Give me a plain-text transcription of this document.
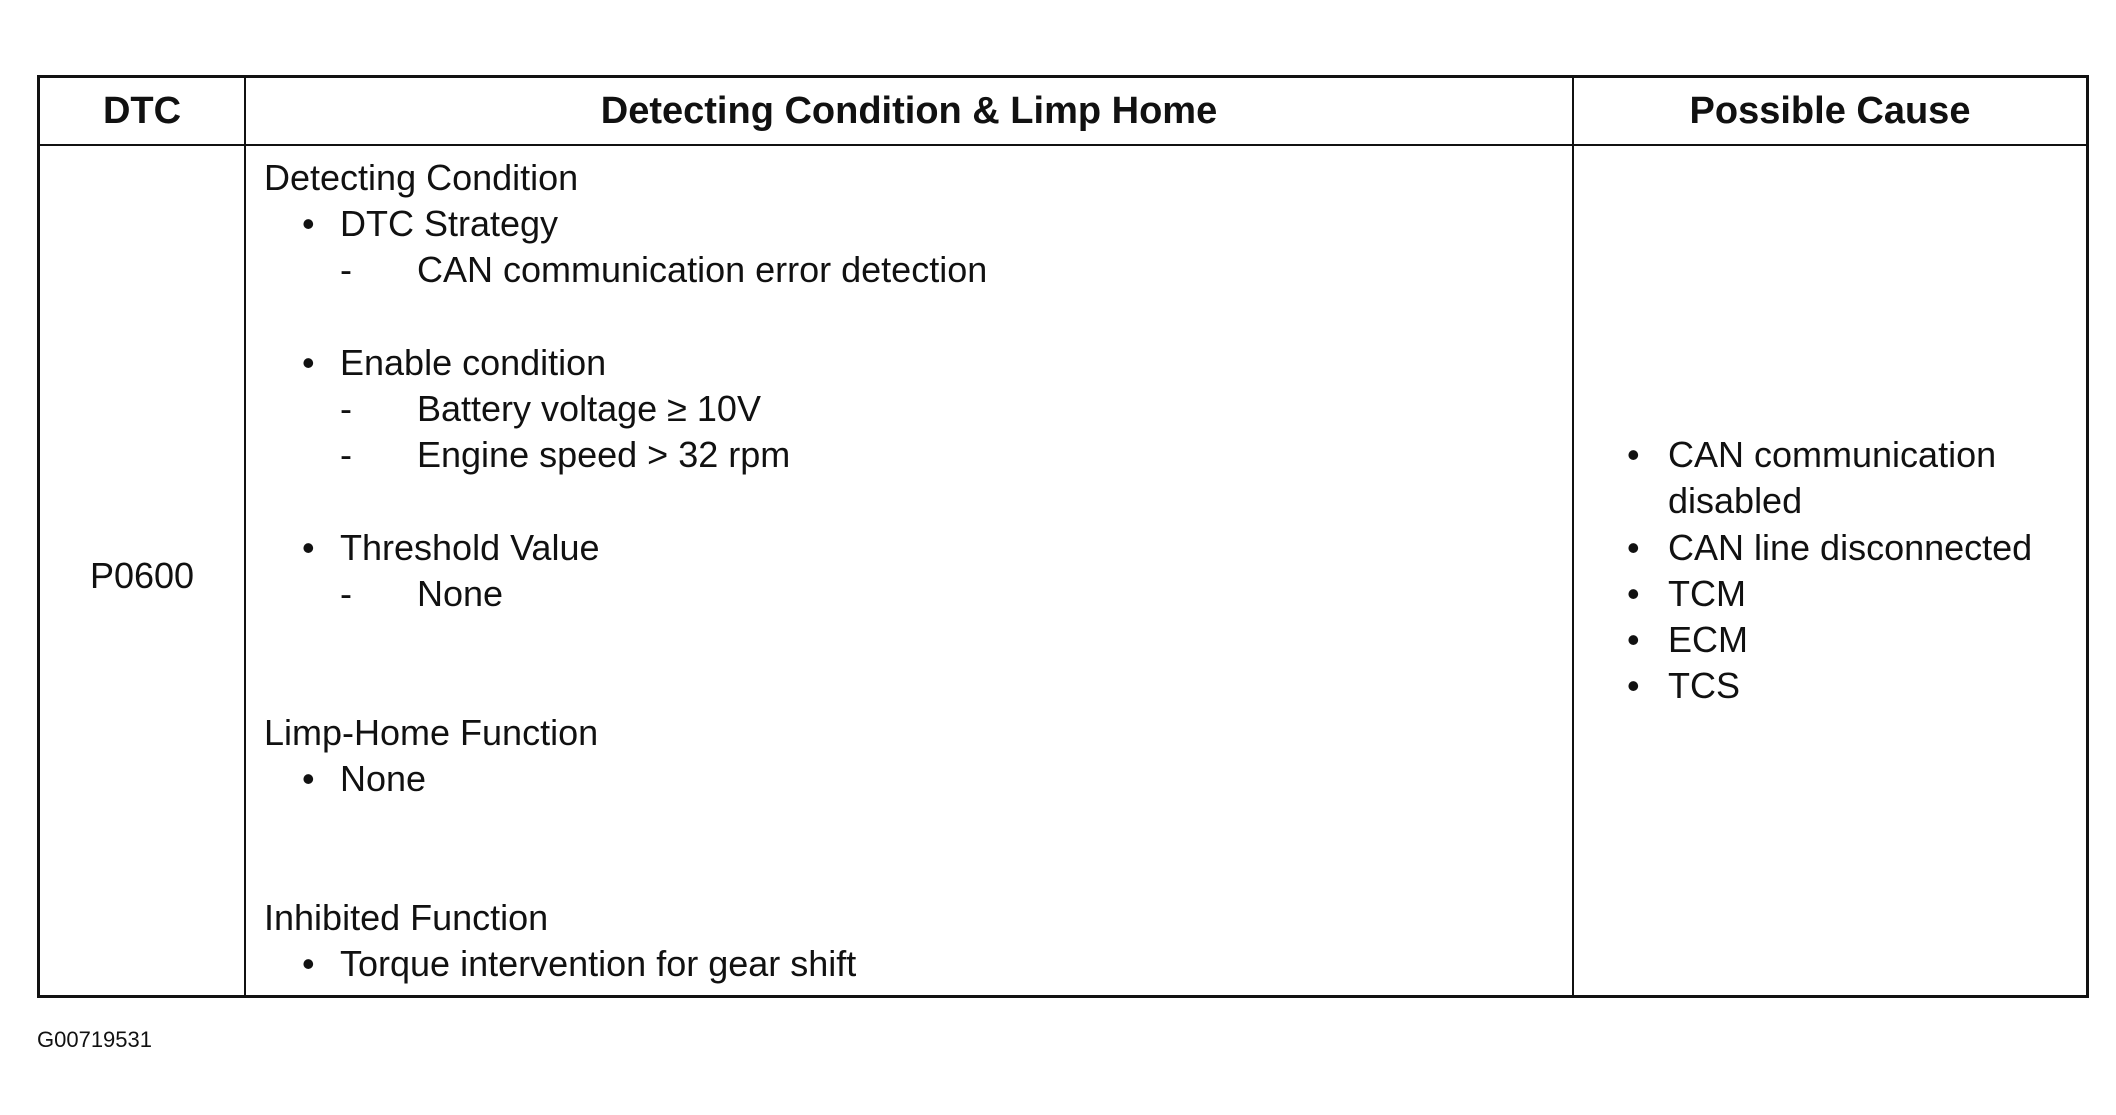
DTC	Detecting Condition & Limp Home	Possible Cause
P0600
Detecting Condition
• DTC Strategy
- CAN communication error detection
• Enable condition
- Battery voltage ≥ 10V
- Engine speed > 32 rpm
• Threshold Value
- None
Limp-Home Function
• None
Inhibited Function
• Torque intervention for gear shift
• CAN communication
disabled
• CAN line disconnected
• TCM
• ECM
• TCS
G00719531
